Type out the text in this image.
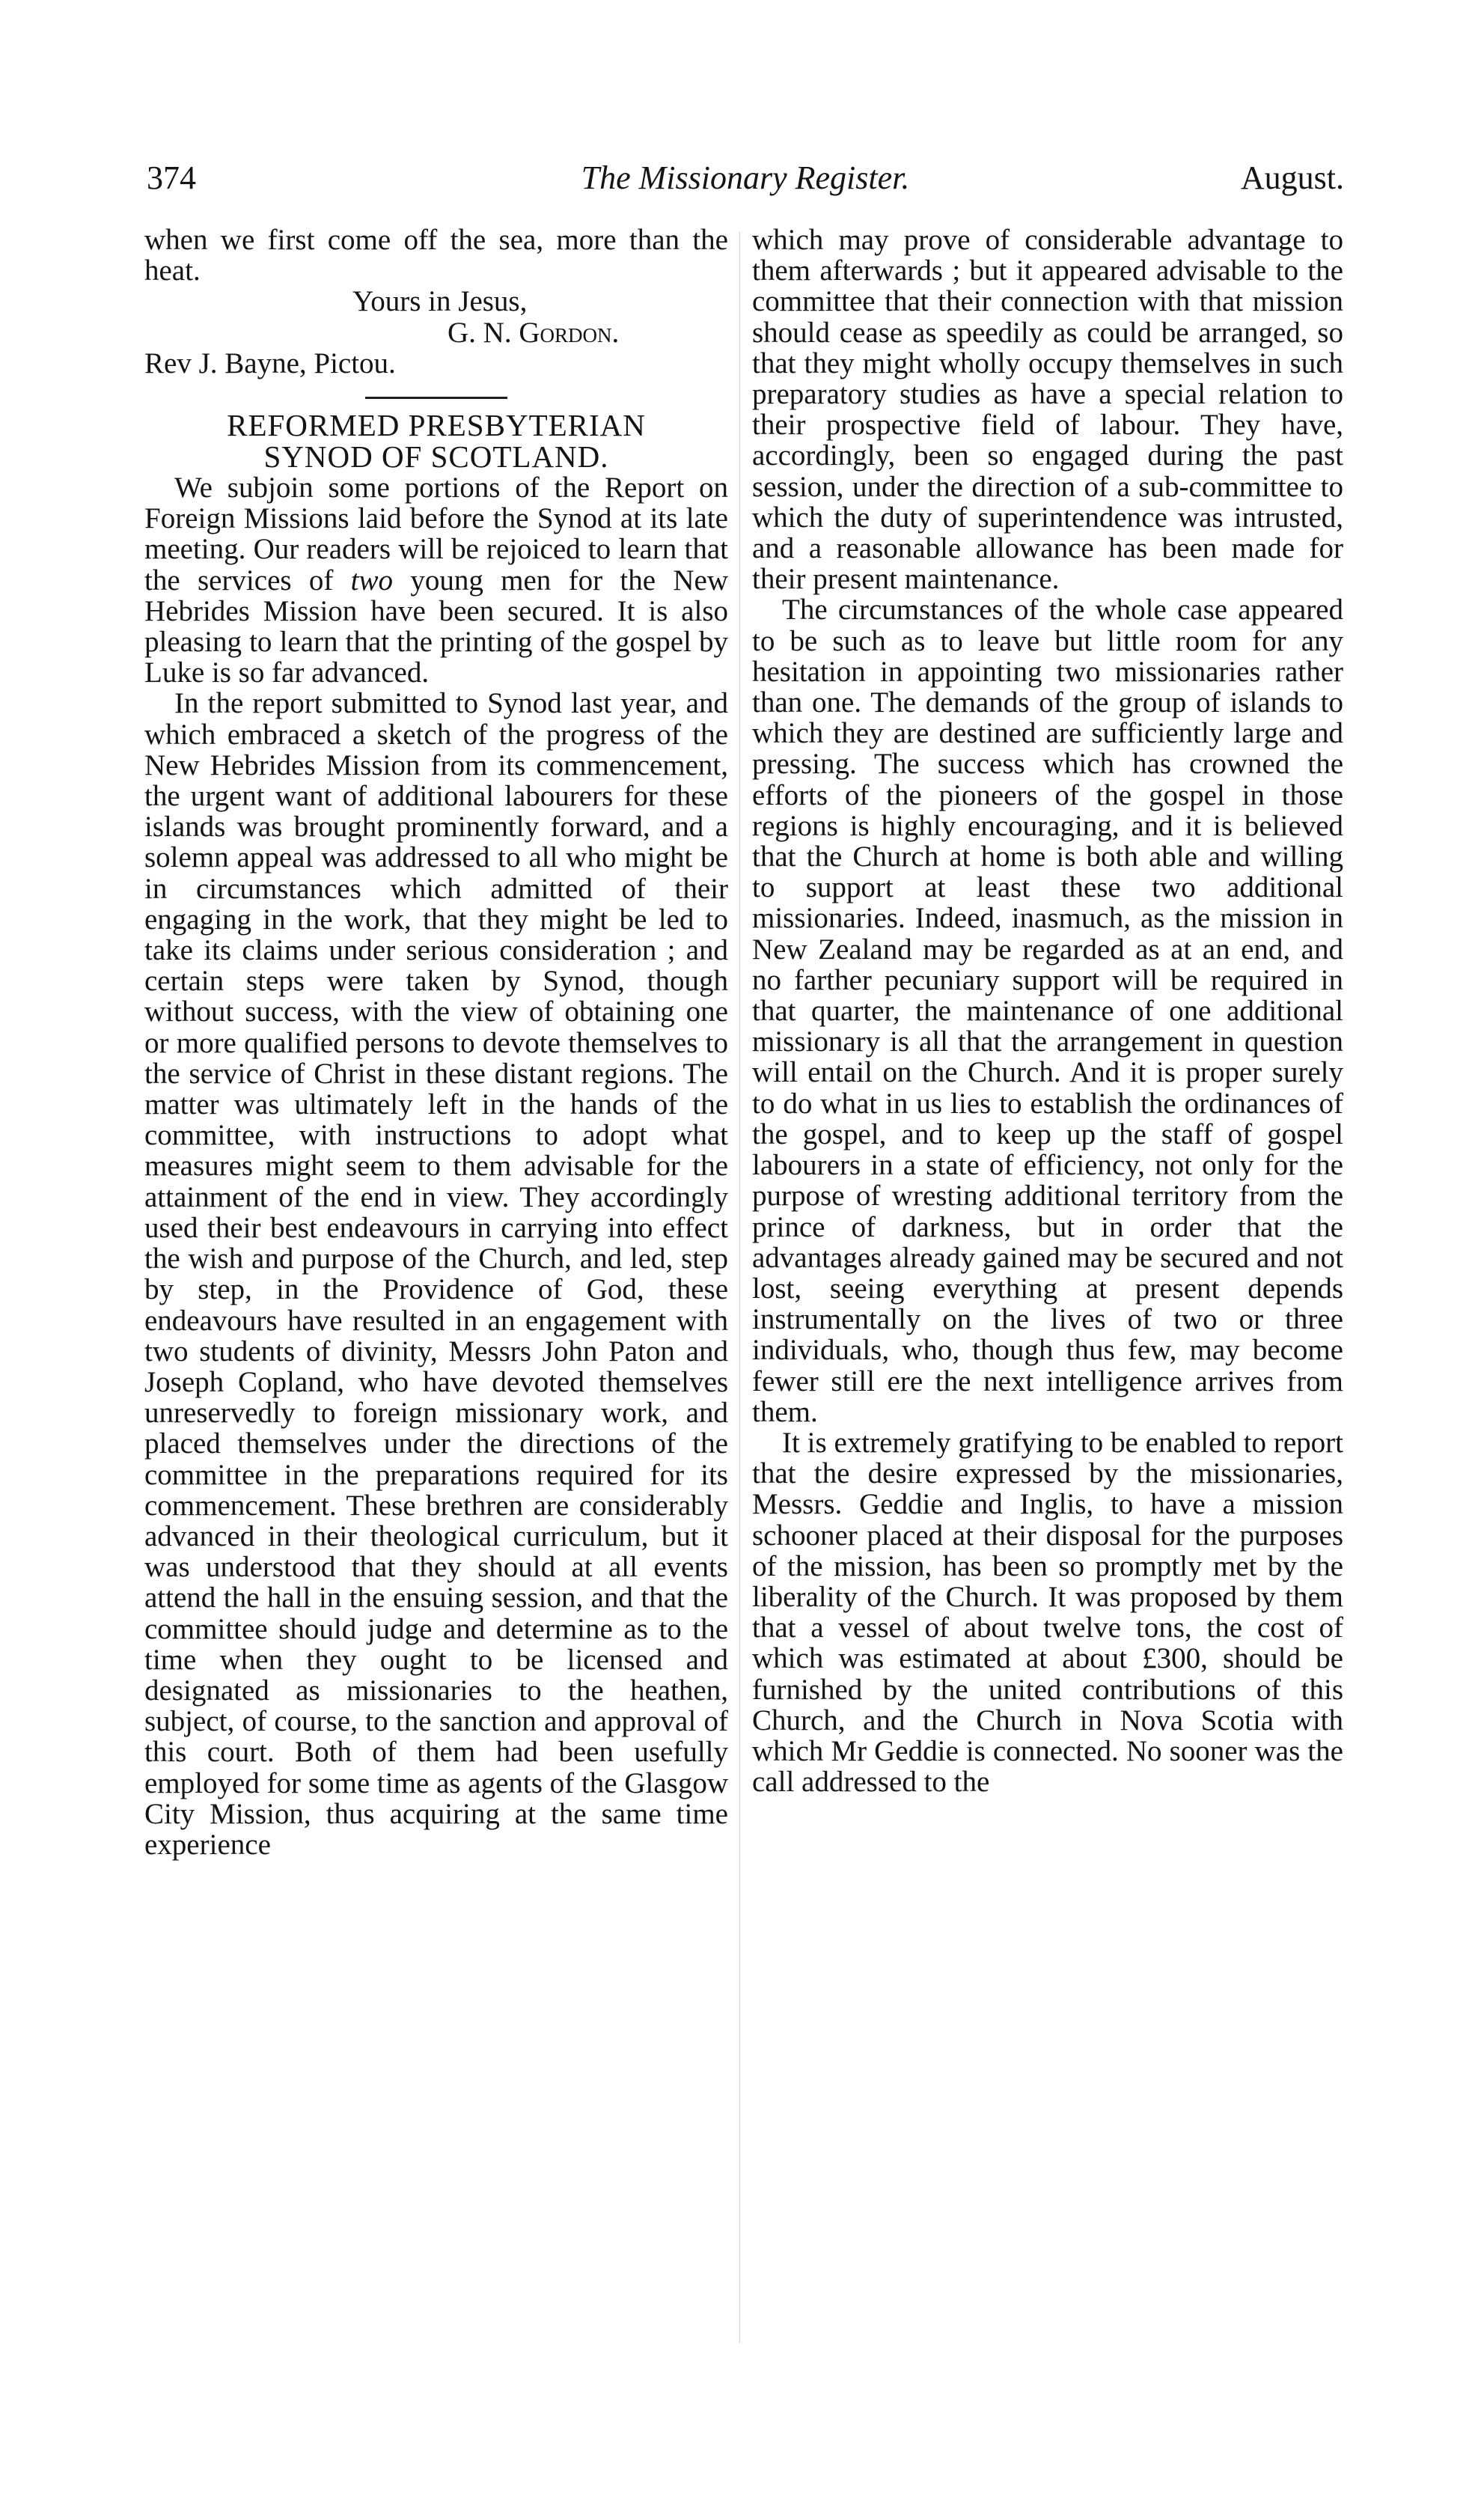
374	The Missionary Register.	August.

when we first come off the sea, more than the heat.

Yours in Jesus,

G. N. Gordon.

Rev J. Bayne, Pictou.

REFORMED PRESBYTERIAN
SYNOD OF SCOTLAND.

We subjoin some portions of the Report on Foreign Missions laid before the Synod at its late meeting. Our readers will be rejoiced to learn that the services of two young men for the New Hebrides Mission have been secured. It is also pleasing to learn that the printing of the gospel by Luke is so far advanced.

In the report submitted to Synod last year, and which embraced a sketch of the progress of the New Hebrides Mission from its commencement, the urgent want of additional labourers for these islands was brought prominently forward, and a solemn appeal was addressed to all who might be in circumstances which admitted of their engaging in the work, that they might be led to take its claims under serious consideration ; and certain steps were taken by Synod, though without success, with the view of obtaining one or more qualified persons to devote themselves to the service of Christ in these distant regions. The matter was ultimately left in the hands of the committee, with instructions to adopt what measures might seem to them advisable for the attainment of the end in view. They accordingly used their best endeavours in carrying into effect the wish and purpose of the Church, and led, step by step, in the Providence of God, these endeavours have resulted in an engagement with two students of divinity, Messrs John Paton and Joseph Copland, who have devoted themselves unreservedly to foreign missionary work, and placed themselves under the directions of the committee in the preparations required for its commencement. These brethren are considerably advanced in their theological curriculum, but it was understood that they should at all events attend the hall in the ensuing session, and that the committee should judge and determine as to the time when they ought to be licensed and designated as missionaries to the heathen, subject, of course, to the sanction and approval of this court. Both of them had been usefully employed for some time as agents of the Glasgow City Mission, thus acquiring at the same time experience

which may prove of considerable advantage to them afterwards ; but it appeared advisable to the committee that their connection with that mission should cease as speedily as could be arranged, so that they might wholly occupy themselves in such preparatory studies as have a special relation to their prospective field of labour. They have, accordingly, been so engaged during the past session, under the direction of a sub-committee to which the duty of superintendence was intrusted, and a reasonable allowance has been made for their present maintenance.

The circumstances of the whole case appeared to be such as to leave but little room for any hesitation in appointing two missionaries rather than one. The demands of the group of islands to which they are destined are sufficiently large and pressing. The success which has crowned the efforts of the pioneers of the gospel in those regions is highly encouraging, and it is believed that the Church at home is both able and willing to support at least these two additional missionaries. Indeed, inasmuch, as the mission in New Zealand may be regarded as at an end, and no farther pecuniary support will be required in that quarter, the maintenance of one additional missionary is all that the arrangement in question will entail on the Church. And it is proper surely to do what in us lies to establish the ordinances of the gospel, and to keep up the staff of gospel labourers in a state of efficiency, not only for the purpose of wresting additional territory from the prince of darkness, but in order that the advantages already gained may be secured and not lost, seeing everything at present depends instrumentally on the lives of two or three individuals, who, though thus few, may become fewer still ere the next intelligence arrives from them.

It is extremely gratifying to be enabled to report that the desire expressed by the missionaries, Messrs. Geddie and Inglis, to have a mission schooner placed at their disposal for the purposes of the mission, has been so promptly met by the liberality of the Church. It was proposed by them that a vessel of about twelve tons, the cost of which was estimated at about £300, should be furnished by the united contributions of this Church, and the Church in Nova Scotia with which Mr Geddie is connected. No sooner was the call addressed to the
